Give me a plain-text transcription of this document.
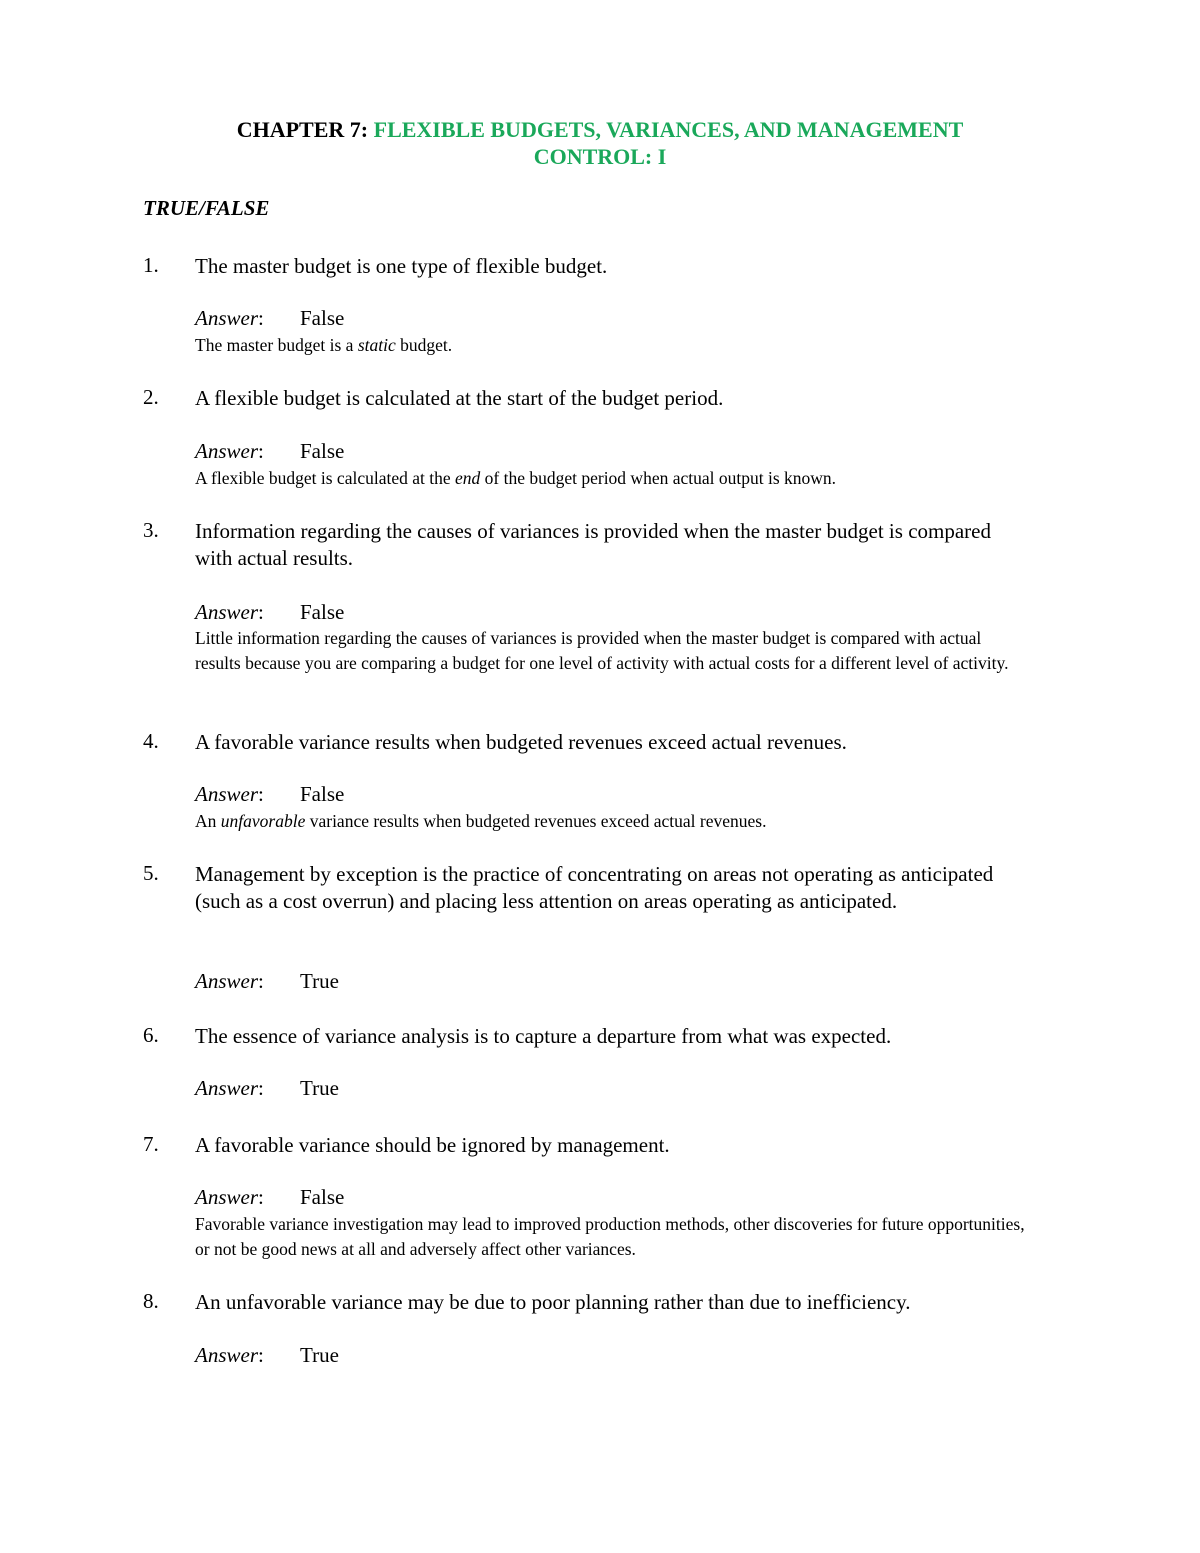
CHAPTER 7: FLEXIBLE BUDGETS, VARIANCES, AND MANAGEMENT
CONTROL: I
TRUE/FALSE
1. The master budget is one type of flexible budget.
Answer: False
The master budget is a static budget.
2. A flexible budget is calculated at the start of the budget period.
Answer: False
A flexible budget is calculated at the end of the budget period when actual output is known.
3. Information regarding the causes of variances is provided when the master budget is compared with actual results.
Answer: False
Little information regarding the causes of variances is provided when the master budget is compared with actual results because you are comparing a budget for one level of activity with actual costs for a different level of activity.
4. A favorable variance results when budgeted revenues exceed actual revenues.
Answer: False
An unfavorable variance results when budgeted revenues exceed actual revenues.
5. Management by exception is the practice of concentrating on areas not operating as anticipated (such as a cost overrun) and placing less attention on areas operating as anticipated.
Answer: True
6. The essence of variance analysis is to capture a departure from what was expected.
Answer: True
7. A favorable variance should be ignored by management.
Answer: False
Favorable variance investigation may lead to improved production methods, other discoveries for future opportunities, or not be good news at all and adversely affect other variances.
8. An unfavorable variance may be due to poor planning rather than due to inefficiency.
Answer: True
